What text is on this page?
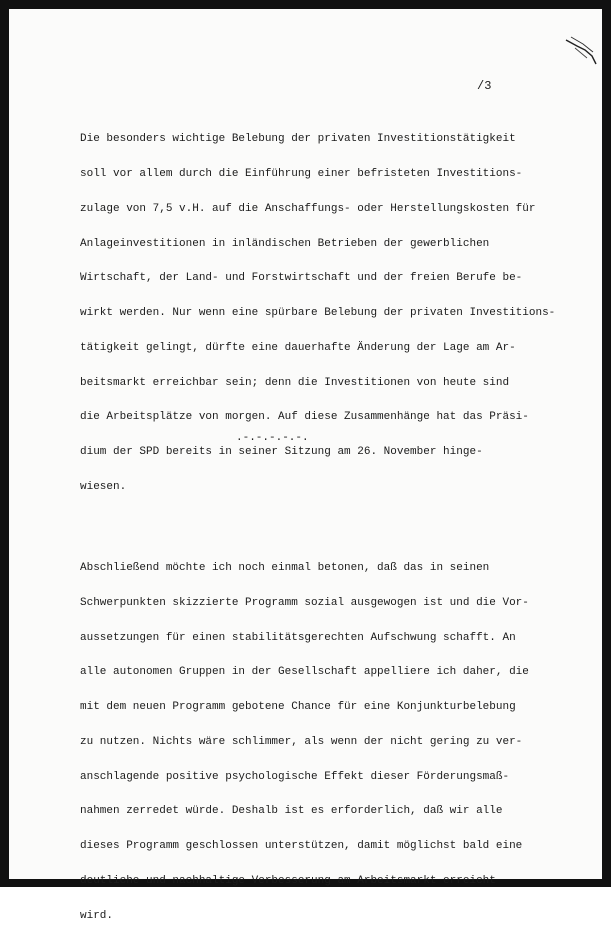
/3

Die besonders wichtige Belebung der privaten Investitionstätigkeit

soll vor allem durch die Einführung einer befristeten Investitions-

zulage von 7,5 v.H. auf die Anschaffungs- oder Herstellungskosten für

Anlageinvestitionen in inländischen Betrieben der gewerblichen

Wirtschaft, der Land- und Forstwirtschaft und der freien Berufe be-

wirkt werden. Nur wenn eine spürbare Belebung der privaten Investitions-

tätigkeit gelingt, dürfte eine dauerhafte Änderung der Lage am Ar-

beitsmarkt erreichbar sein; denn die Investitionen von heute sind

die Arbeitsplätze von morgen. Auf diese Zusammenhänge hat das Präsi-

dium der SPD bereits in seiner Sitzung am 26. November hinge-

wiesen.

Abschließend möchte ich noch einmal betonen, daß das in seinen

Schwerpunkten skizzierte Programm sozial ausgewogen ist und die Vor-

aussetzungen für einen stabilitätsgerechten Aufschwung schafft. An

alle autonomen Gruppen in der Gesellschaft appelliere ich daher, die

mit dem neuen Programm gebotene Chance für eine Konjunkturbelebung

zu nutzen. Nichts wäre schlimmer, als wenn der nicht gering zu ver-

anschlagende positive psychologische Effekt dieser Förderungsmaß-

nahmen zerredet würde. Deshalb ist es erforderlich, daß wir alle

dieses Programm geschlossen unterstützen, damit möglichst bald eine

deutliche und nachhaltige Verbesserung am Arbeitsmarkt erreicht

wird.

.-.-.-.-.-.
